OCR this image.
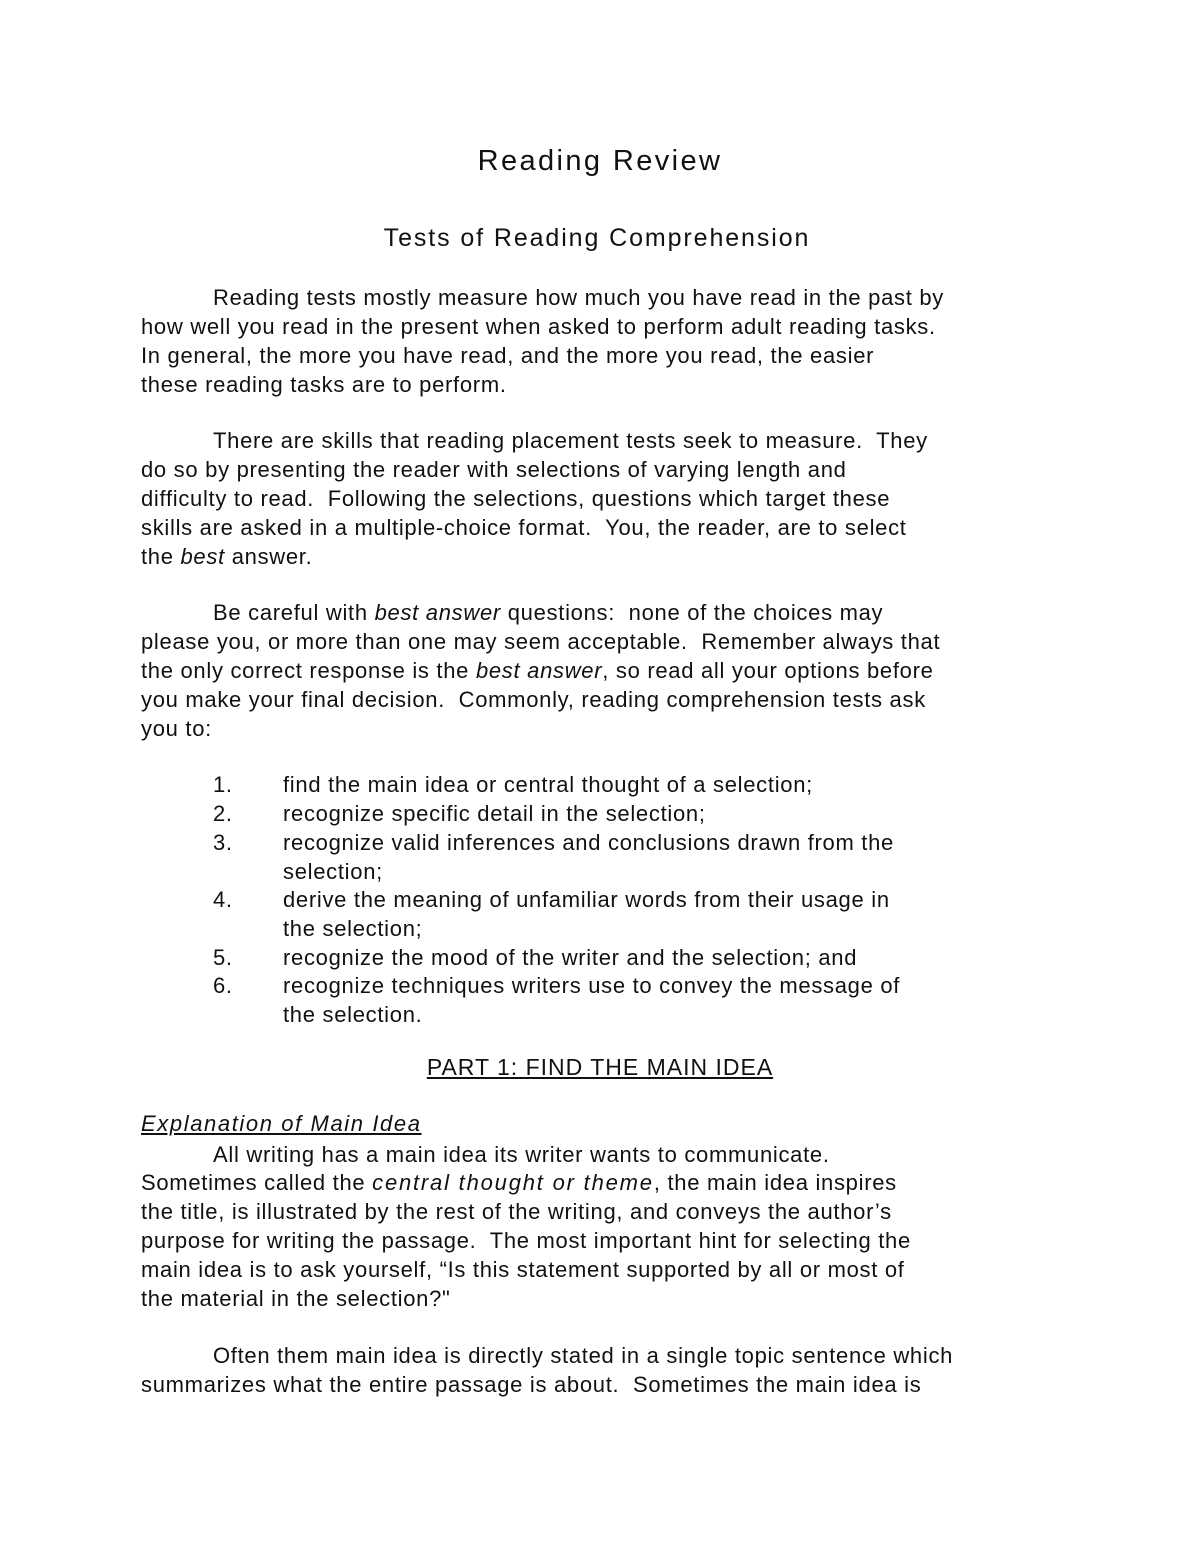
Reading Review
Tests of Reading Comprehension
Reading tests mostly measure how much you have read in the past by
how well you read in the present when asked to perform adult reading tasks.
In general, the more you have read, and the more you read, the easier
these reading tasks are to perform.
There are skills that reading placement tests seek to measure.  They
do so by presenting the reader with selections of varying length and
difficulty to read.  Following the selections, questions which target these
skills are asked in a multiple-choice format.  You, the reader, are to select
the best answer.
Be careful with best answer questions:  none of the choices may
please you, or more than one may seem acceptable.  Remember always that
the only correct response is the best answer, so read all your options before
you make your final decision.  Commonly, reading comprehension tests ask
you to:
1. find the main idea or central thought of a selection;
2. recognize specific detail in the selection;
3. recognize valid inferences and conclusions drawn from the
selection;
4. derive the meaning of unfamiliar words from their usage in
the selection;
5. recognize the mood of the writer and the selection; and
6. recognize techniques writers use to convey the message of
the selection.
PART 1: FIND THE MAIN IDEA
Explanation of Main Idea
All writing has a main idea its writer wants to communicate.
Sometimes called the central thought or theme, the main idea inspires
the title, is illustrated by the rest of the writing, and conveys the author’s
purpose for writing the passage.  The most important hint for selecting the
main idea is to ask yourself, “Is this statement supported by all or most of
the material in the selection?"
Often them main idea is directly stated in a single topic sentence which
summarizes what the entire passage is about.  Sometimes the main idea is
